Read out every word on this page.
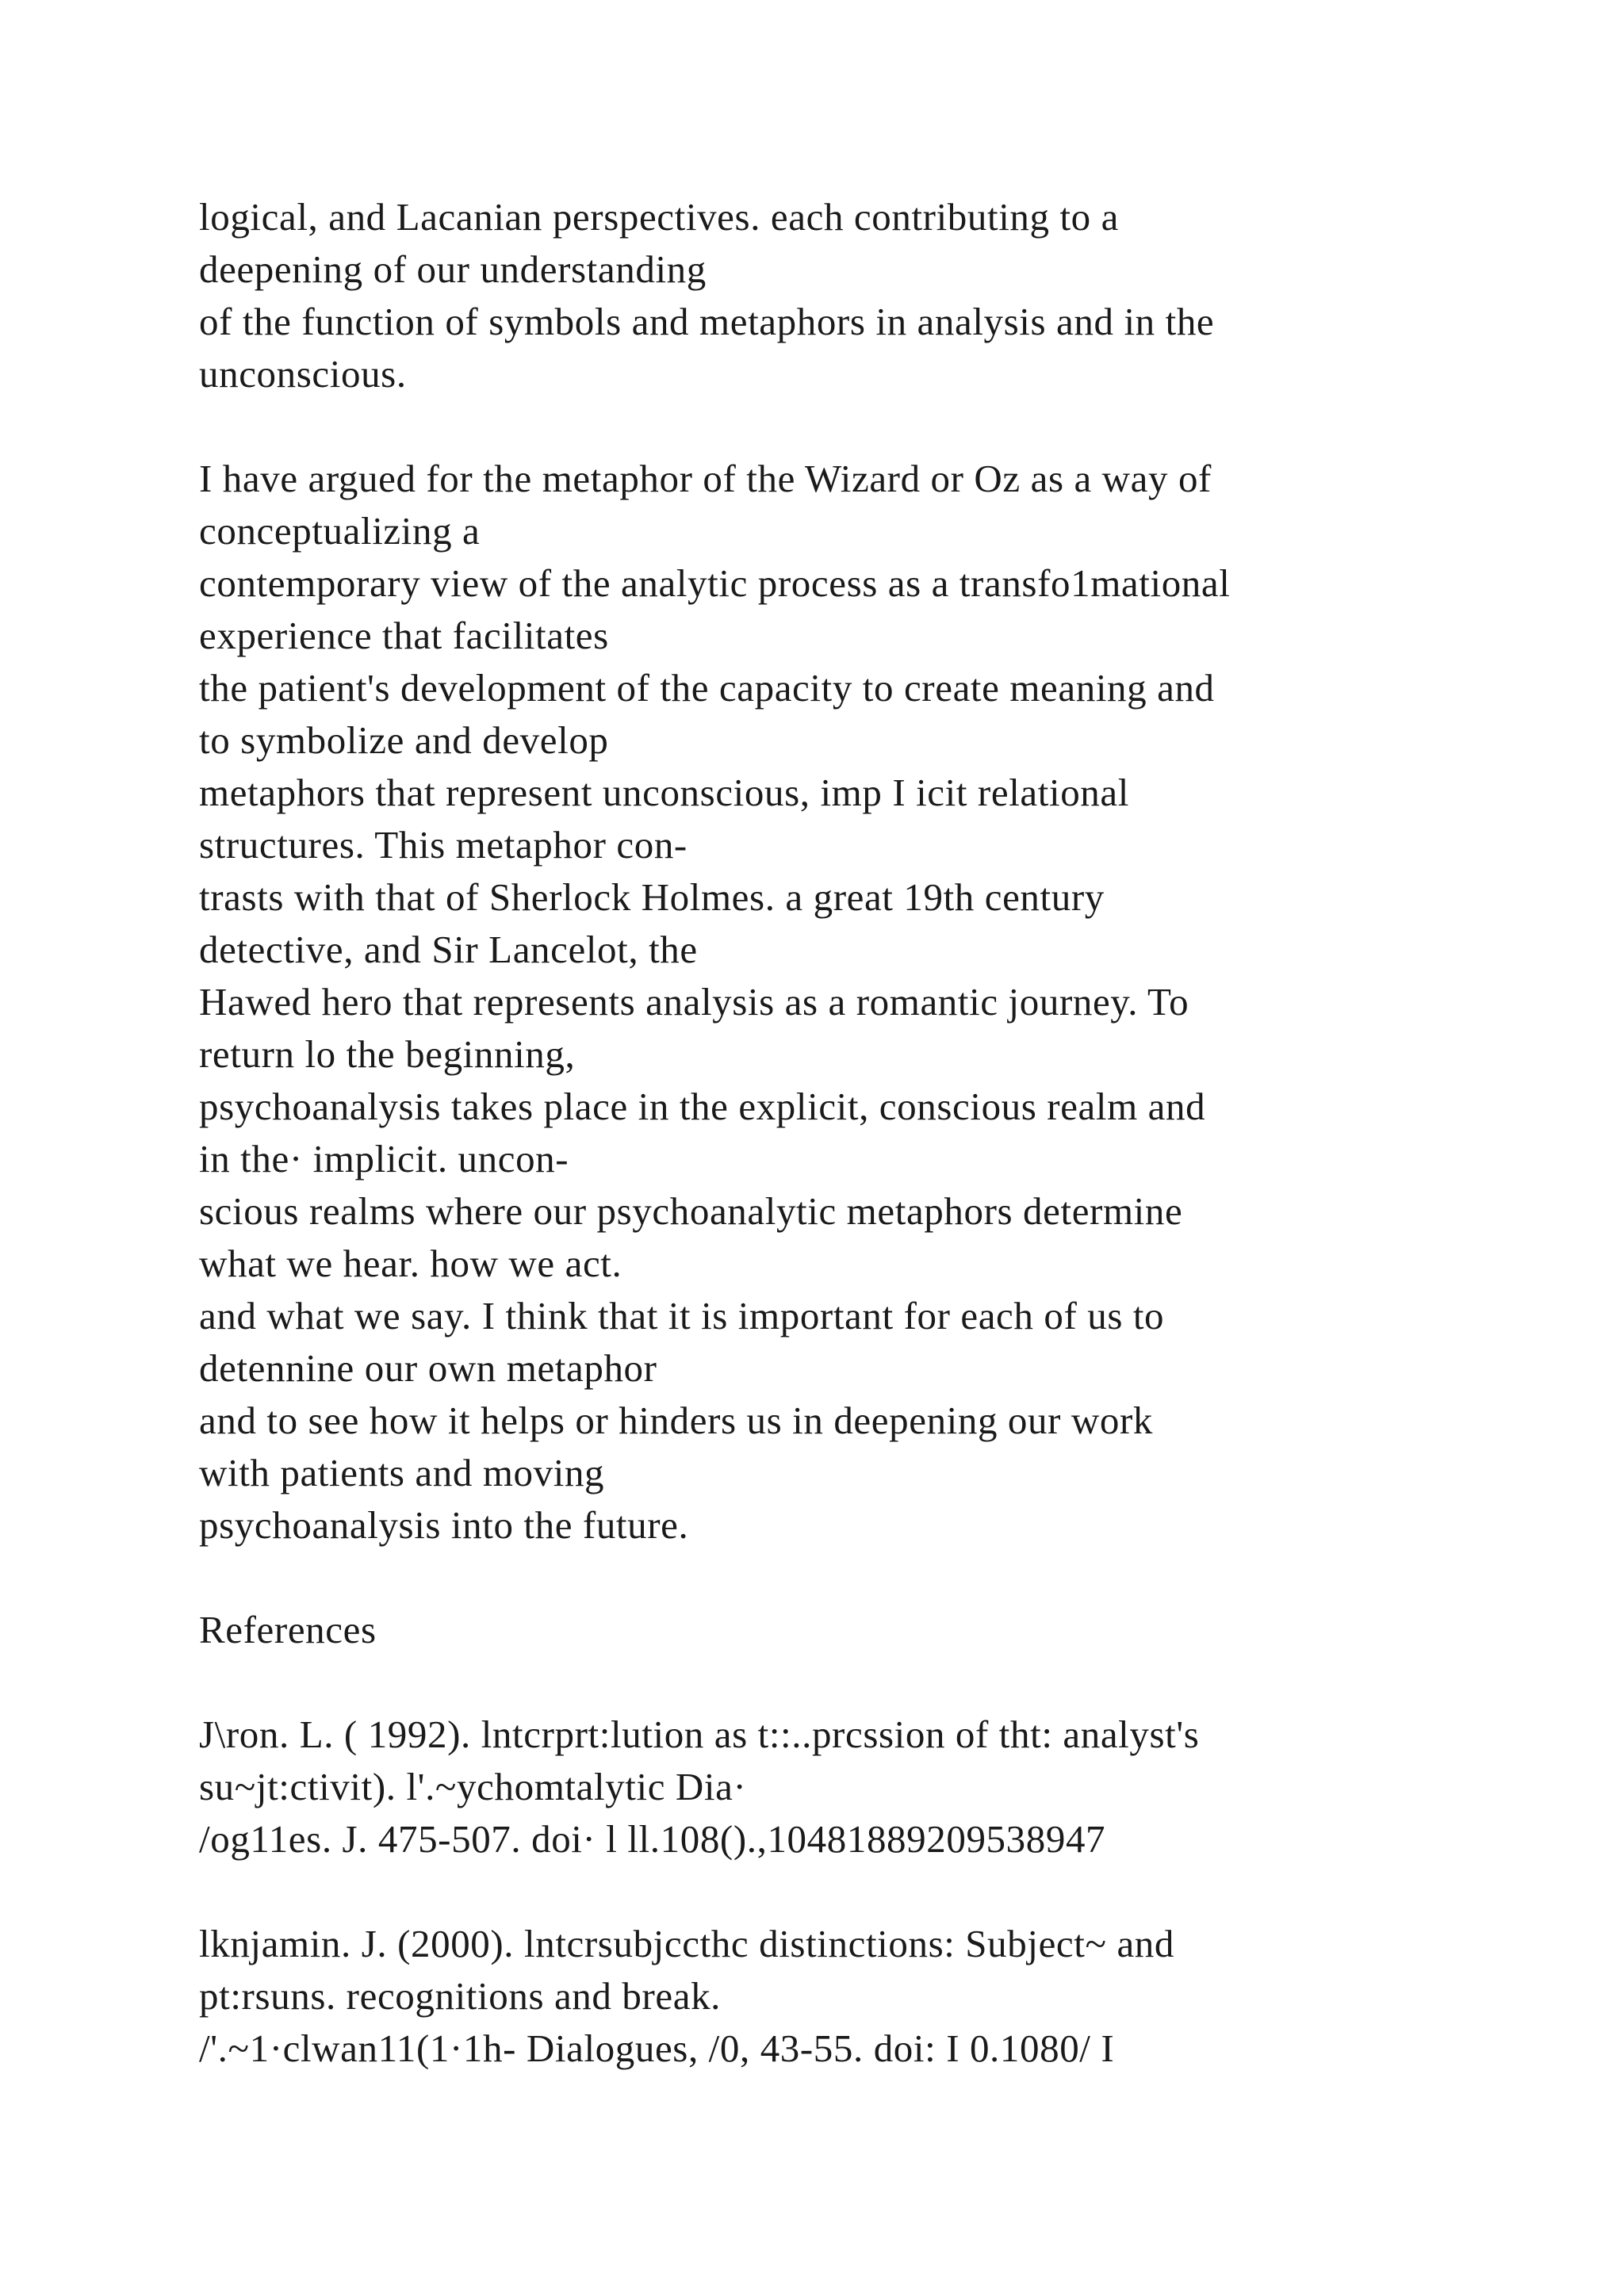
logical, and Lacanian perspectives. each contributing to a
deepening of our understanding
of the function of symbols and metaphors in analysis and in the
unconscious.
I have argued for the metaphor of the Wizard or Oz as a way of
conceptualizing a
contemporary view of the analytic process as a transfo1mational
experience that facilitates
the patient's development of the capacity to create meaning and
to symbolize and develop
metaphors that represent unconscious, imp I icit relational
structures. This metaphor con-
trasts with that of Sherlock Holmes. a great 19th century
detective, and Sir Lancelot, the
Hawed hero that represents analysis as a romantic journey. To
return lo the beginning,
psychoanalysis takes place in the explicit, conscious realm and
in the· implicit. uncon-
scious realms where our psychoanalytic metaphors determine
what we hear. how we act.
and what we say. I think that it is important for each of us to
detennine our own metaphor
and to see how it helps or hinders us in deepening our work
with patients and moving
psychoanalysis into the future.
References
J\ron. L. ( 1992). lntcrprt:lution as t::..prcssion of tht: analyst's
su~jt:ctivit). l'.~ychomtalytic Dia·
/og11es. J. 475-507. doi· l ll.108().,10481889209538947
lknjamin. J. (2000). lntcrsubjccthc distinctions: Subject~ and
pt:rsuns. recognitions and break.
/'.~1·clwan11(1·1h- Dialogues, /0, 43-55. doi: I 0.1080/ I
